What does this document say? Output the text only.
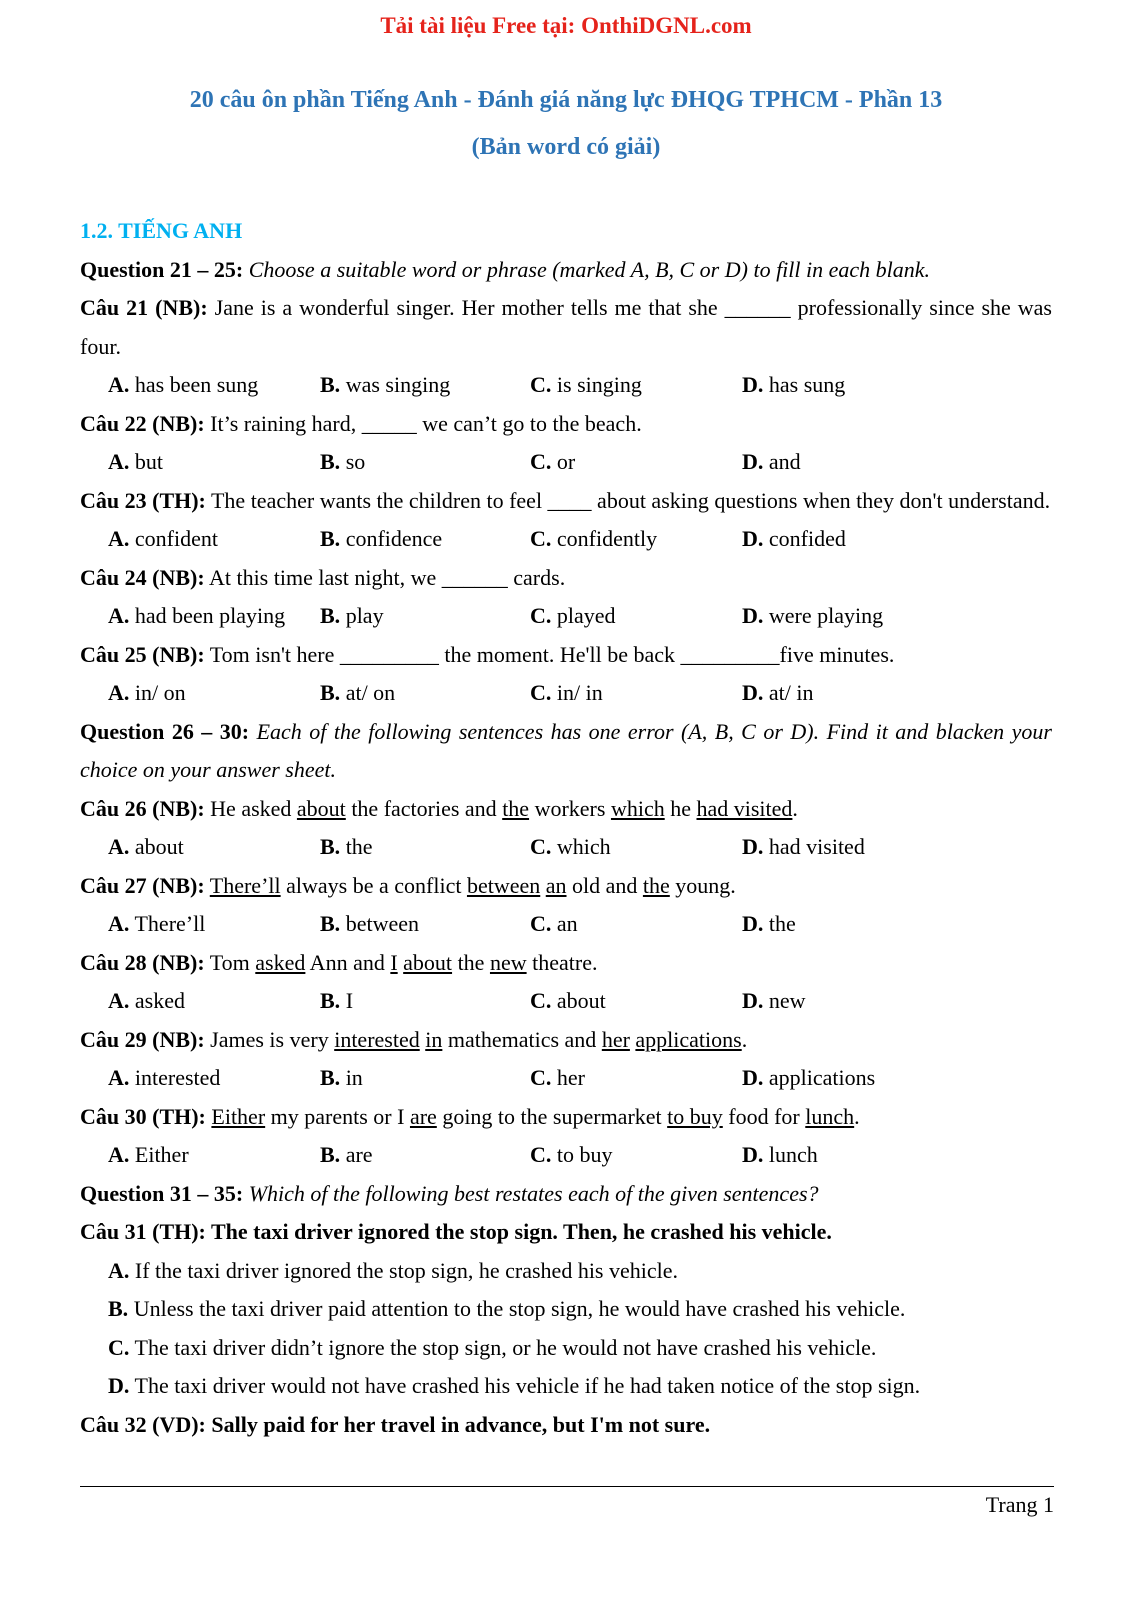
Tải tài liệu Free tại: OnthiDGNL.com
20 câu ôn phần Tiếng Anh - Đánh giá năng lực ĐHQG TPHCM - Phần 13
(Bản word có giải)

1.2. TIẾNG ANH

Question 21 – 25: Choose a suitable word or phrase (marked A, B, C or D) to fill in each blank.

Câu 21 (NB): Jane is a wonderful singer. Her mother tells me that she ______ professionally since she was four.

A. has been sung	B. was singing	C. is singing	D. has sung

Câu 22 (NB): It’s raining hard, _____ we can’t go to the beach.

A. but	B. so	C. or	D. and

Câu 23 (TH): The teacher wants the children to feel ____ about asking questions when they don't understand.

A. confident	B. confidence	C. confidently	D. confided

Câu 24 (NB): At this time last night, we ______ cards.

A. had been playing	B. play	C. played	D. were playing

Câu 25 (NB): Tom isn't here _________ the moment. He'll be back _________five minutes.

A. in/ on	B. at/ on	C. in/ in	D. at/ in

Question 26 – 30: Each of the following sentences has one error (A, B, C or D). Find it and blacken your choice on your answer sheet.

Câu 26 (NB): He asked about the factories and the workers which he had visited.

A. about	B. the	C. which	D. had visited

Câu 27 (NB): There’ll always be a conflict between an old and the young.

A. There’ll	B. between	C. an	D. the

Câu 28 (NB): Tom asked Ann and I about the new theatre.

A. asked	B. I	C. about	D. new

Câu 29 (NB): James is very interested in mathematics and her applications.

A. interested	B. in	C. her	D. applications

Câu 30 (TH): Either my parents or I are going to the supermarket to buy food for lunch.

A. Either	B. are	C. to buy	D. lunch

Question 31 – 35: Which of the following best restates each of the given sentences?

Câu 31 (TH): The taxi driver ignored the stop sign. Then, he crashed his vehicle.

A. If the taxi driver ignored the stop sign, he crashed his vehicle.

B. Unless the taxi driver paid attention to the stop sign, he would have crashed his vehicle.

C. The taxi driver didn’t ignore the stop sign, or he would not have crashed his vehicle.

D. The taxi driver would not have crashed his vehicle if he had taken notice of the stop sign.

Câu 32 (VD): Sally paid for her travel in advance, but I'm not sure.

Trang 1
